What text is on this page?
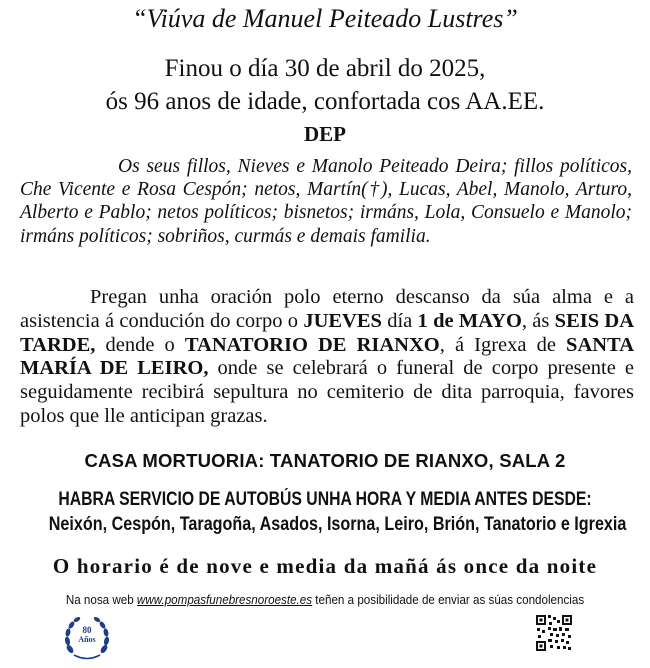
“Viúva de Manuel Peiteado Lustres”
Finou o día 30 de abril do 2025,
ós 96 anos de idade, confortada cos AA.EE.
DEP
Os seus fillos, Nieves e Manolo Peiteado Deira; fillos políticos, Che Vicente e Rosa Cespón; netos, Martín(†), Lucas, Abel, Manolo, Arturo, Alberto e Pablo; netos políticos; bisnetos; irmáns, Lola, Consuelo e Manolo; irmáns políticos; sobriños, curmás e demais familia.
Pregan unha oración polo eterno descanso da súa alma e a asistencia á condución do corpo o JUEVES día 1 de MAYO, ás SEIS DA TARDE, dende o TANATORIO DE RIANXO, á Igrexa de SANTA MARÍA DE LEIRO, onde se celebrará o funeral de corpo presente e seguidamente recibirá sepultura no cemiterio de dita parroquia, favores polos que lle anticipan grazas.
CASA MORTUORIA: TANATORIO DE RIANXO, SALA 2
HABRA SERVICIO DE AUTOBÚS UNHA HORA Y MEDIA ANTES DESDE:
Neixón, Cespón, Taragoña, Asados, Isorna, Leiro, Brión, Tanatorio e Igrexia
O horario é de nove e media da mañá ás once da noite
Na nosa web www.pompasfunebresnoroeste.es teñen a posibilidade de enviar as súas condolencias
80
Años
